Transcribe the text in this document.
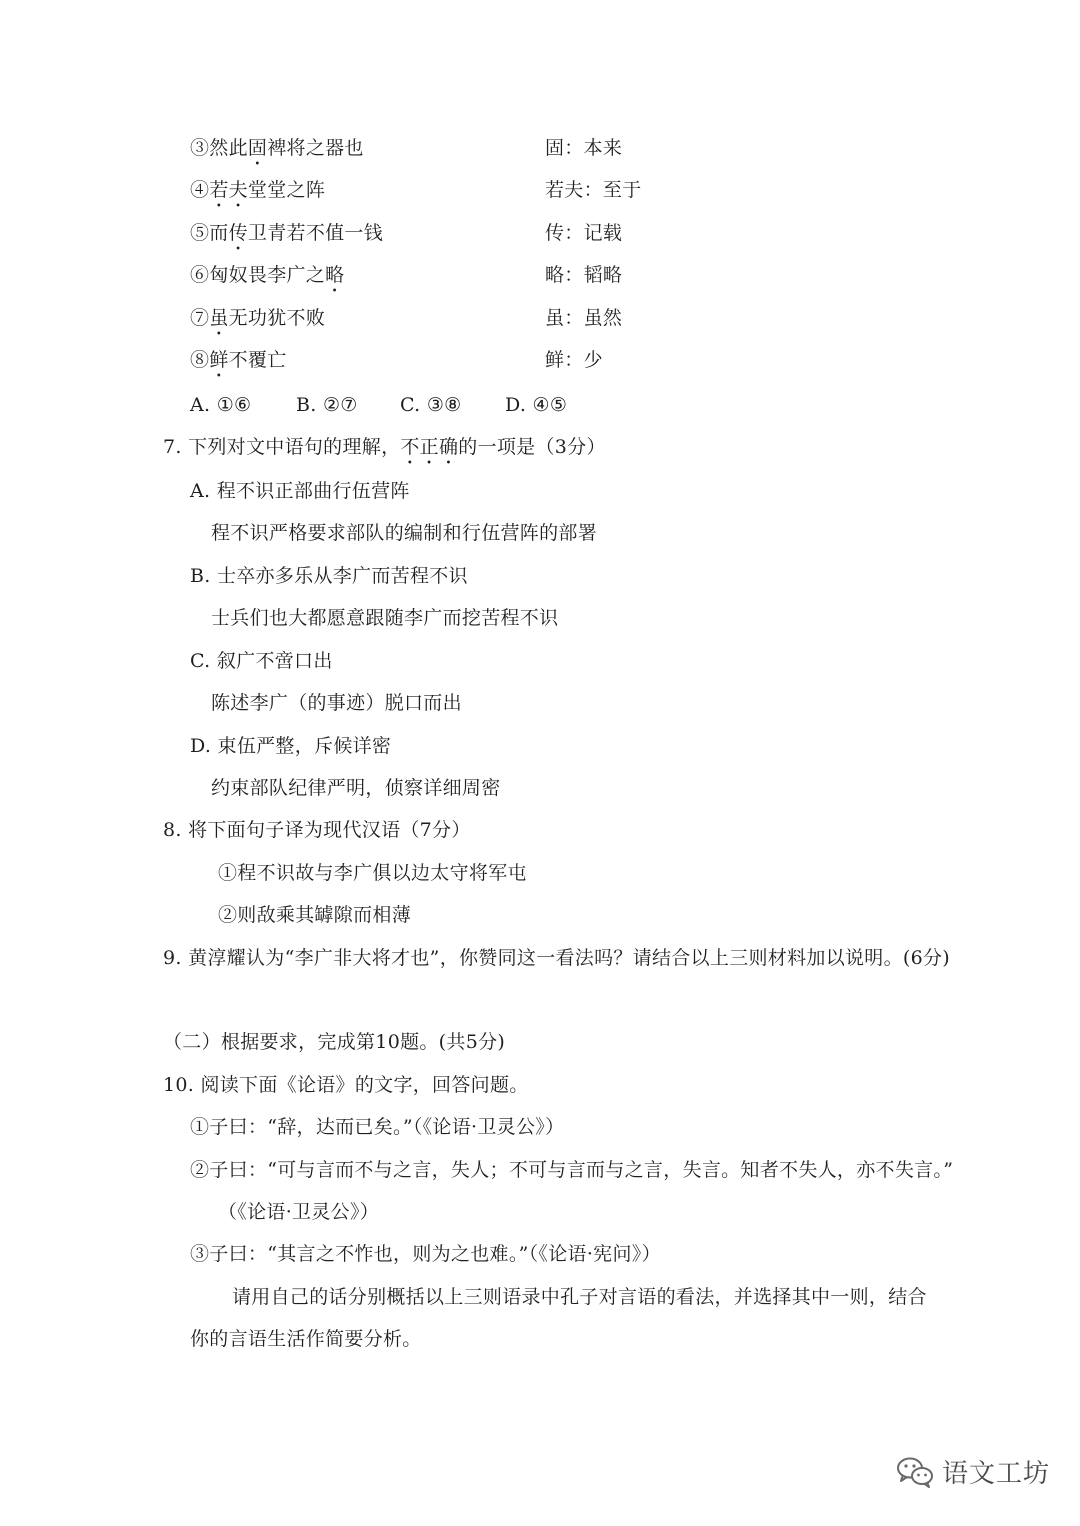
③然此固裨将之器也	固：本来
④若夫堂堂之阵	若夫：至于
⑤而传卫青若不值一钱	传：记载
⑥匈奴畏李广之略	略：韬略
⑦虽无功犹不败	虽：虽然
⑧鲜不覆亡	鲜：少
A. ①⑥ B. ②⑦ C. ③⑧ D. ④⑤
7. 下列对文中语句的理解，不正确的一项是（3分）
A. 程不识正部曲行伍营阵
程不识严格要求部队的编制和行伍营阵的部署
B. 士卒亦多乐从李广而苦程不识
士兵们也大都愿意跟随李广而挖苦程不识
C. 叙广不啻口出
陈述李广（的事迹）脱口而出
D. 束伍严整，斥候详密
约束部队纪律严明，侦察详细周密
8. 将下面句子译为现代汉语（7分）
①程不识故与李广俱以边太守将军屯
②则敌乘其罅隙而相薄
9. 黄淳耀认为“李广非大将才也”，你赞同这一看法吗？请结合以上三则材料加以说明。(6分)
（二）根据要求，完成第10题。(共5分)
10. 阅读下面《论语》的文字，回答问题。
①子曰：“辞，达而已矣。”（《论语·卫灵公》）
②子曰：“可与言而不与之言，失人；不可与言而与之言，失言。知者不失人，亦不失言。”
（《论语·卫灵公》）
③子曰：“其言之不怍也，则为之也难。”（《论语·宪问》）
请用自己的话分别概括以上三则语录中孔子对言语的看法，并选择其中一则，结合
你的言语生活作简要分析。
语文工坊
